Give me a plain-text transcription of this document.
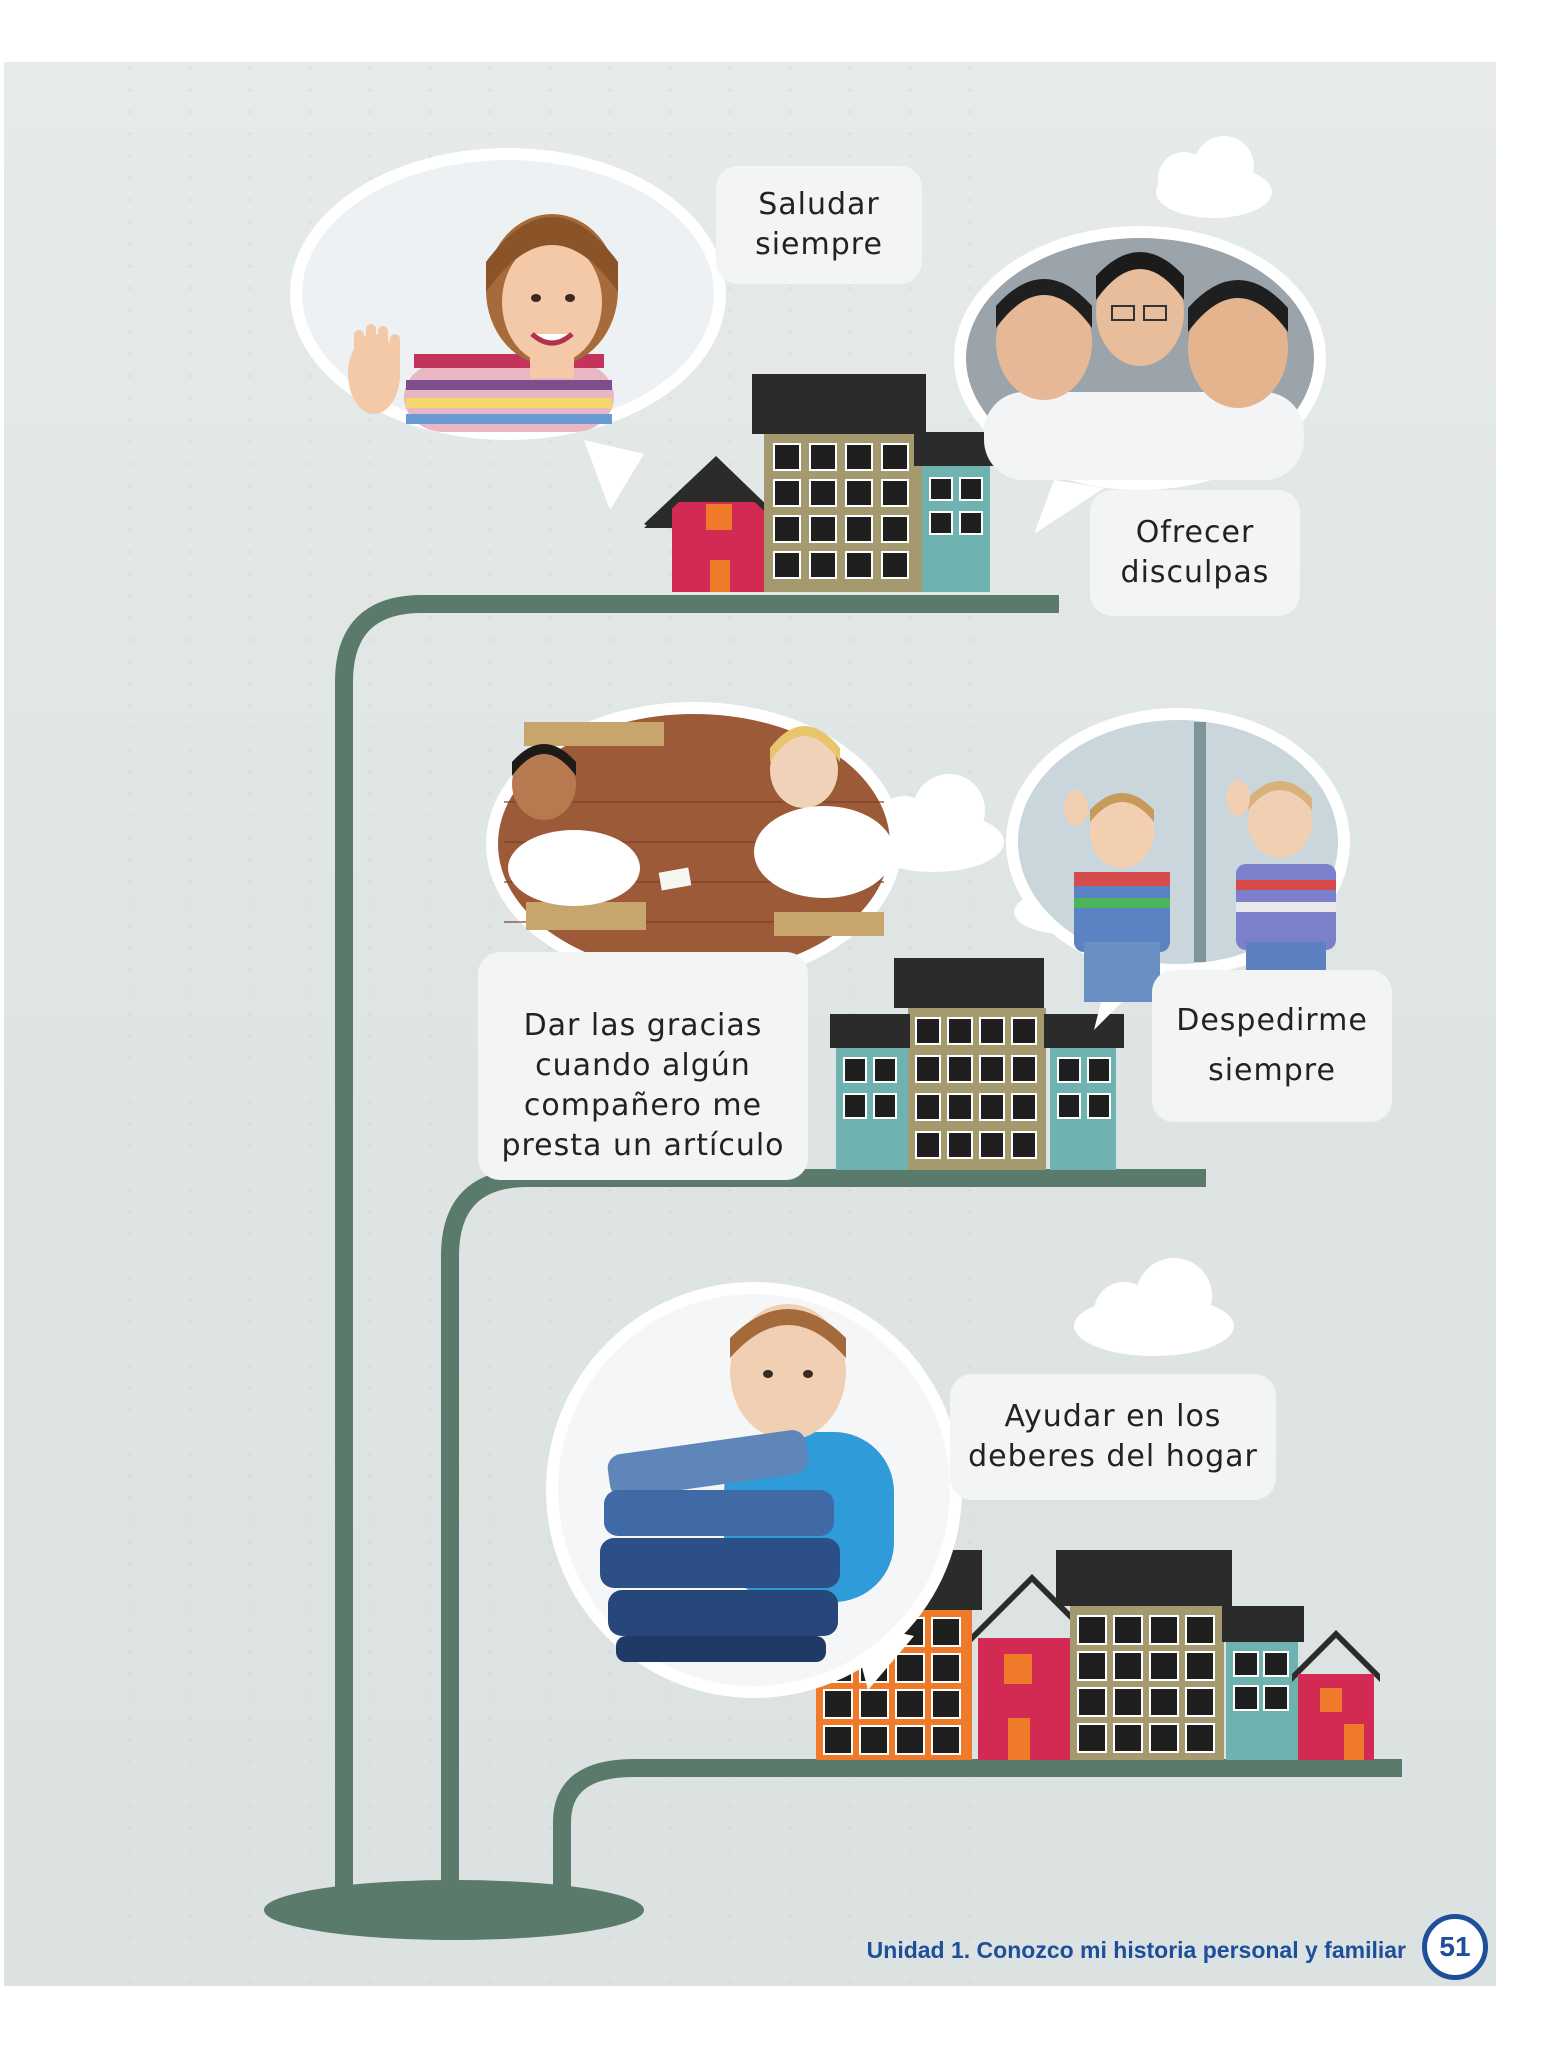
Saludar
siempre
Ofrecer
disculpas
Dar las gracias
cuando algún
compañero me
presta un artículo
Despedirme
siempre
Ayudar en los
deberes del hogar
Unidad 1. Conozco mi historia personal y familiar	51
